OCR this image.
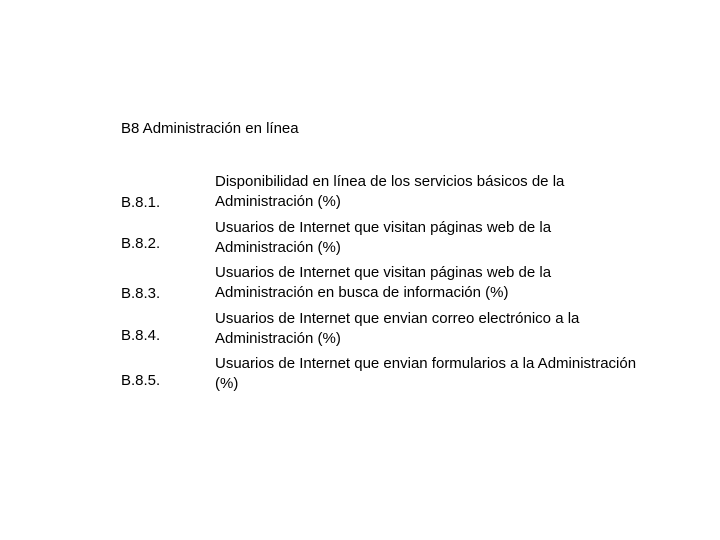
B8 Administración en línea
B.8.1.
Disponibilidad en línea de los servicios básicos de la Administración (%)
B.8.2.
Usuarios de Internet que visitan páginas web de la Administración (%)
B.8.3.
Usuarios de Internet que visitan páginas web de la Administración en busca de información (%)
B.8.4.
Usuarios de Internet que envian correo electrónico a la Administración (%)
B.8.5.
Usuarios de Internet que envian formularios a la Administración (%)
